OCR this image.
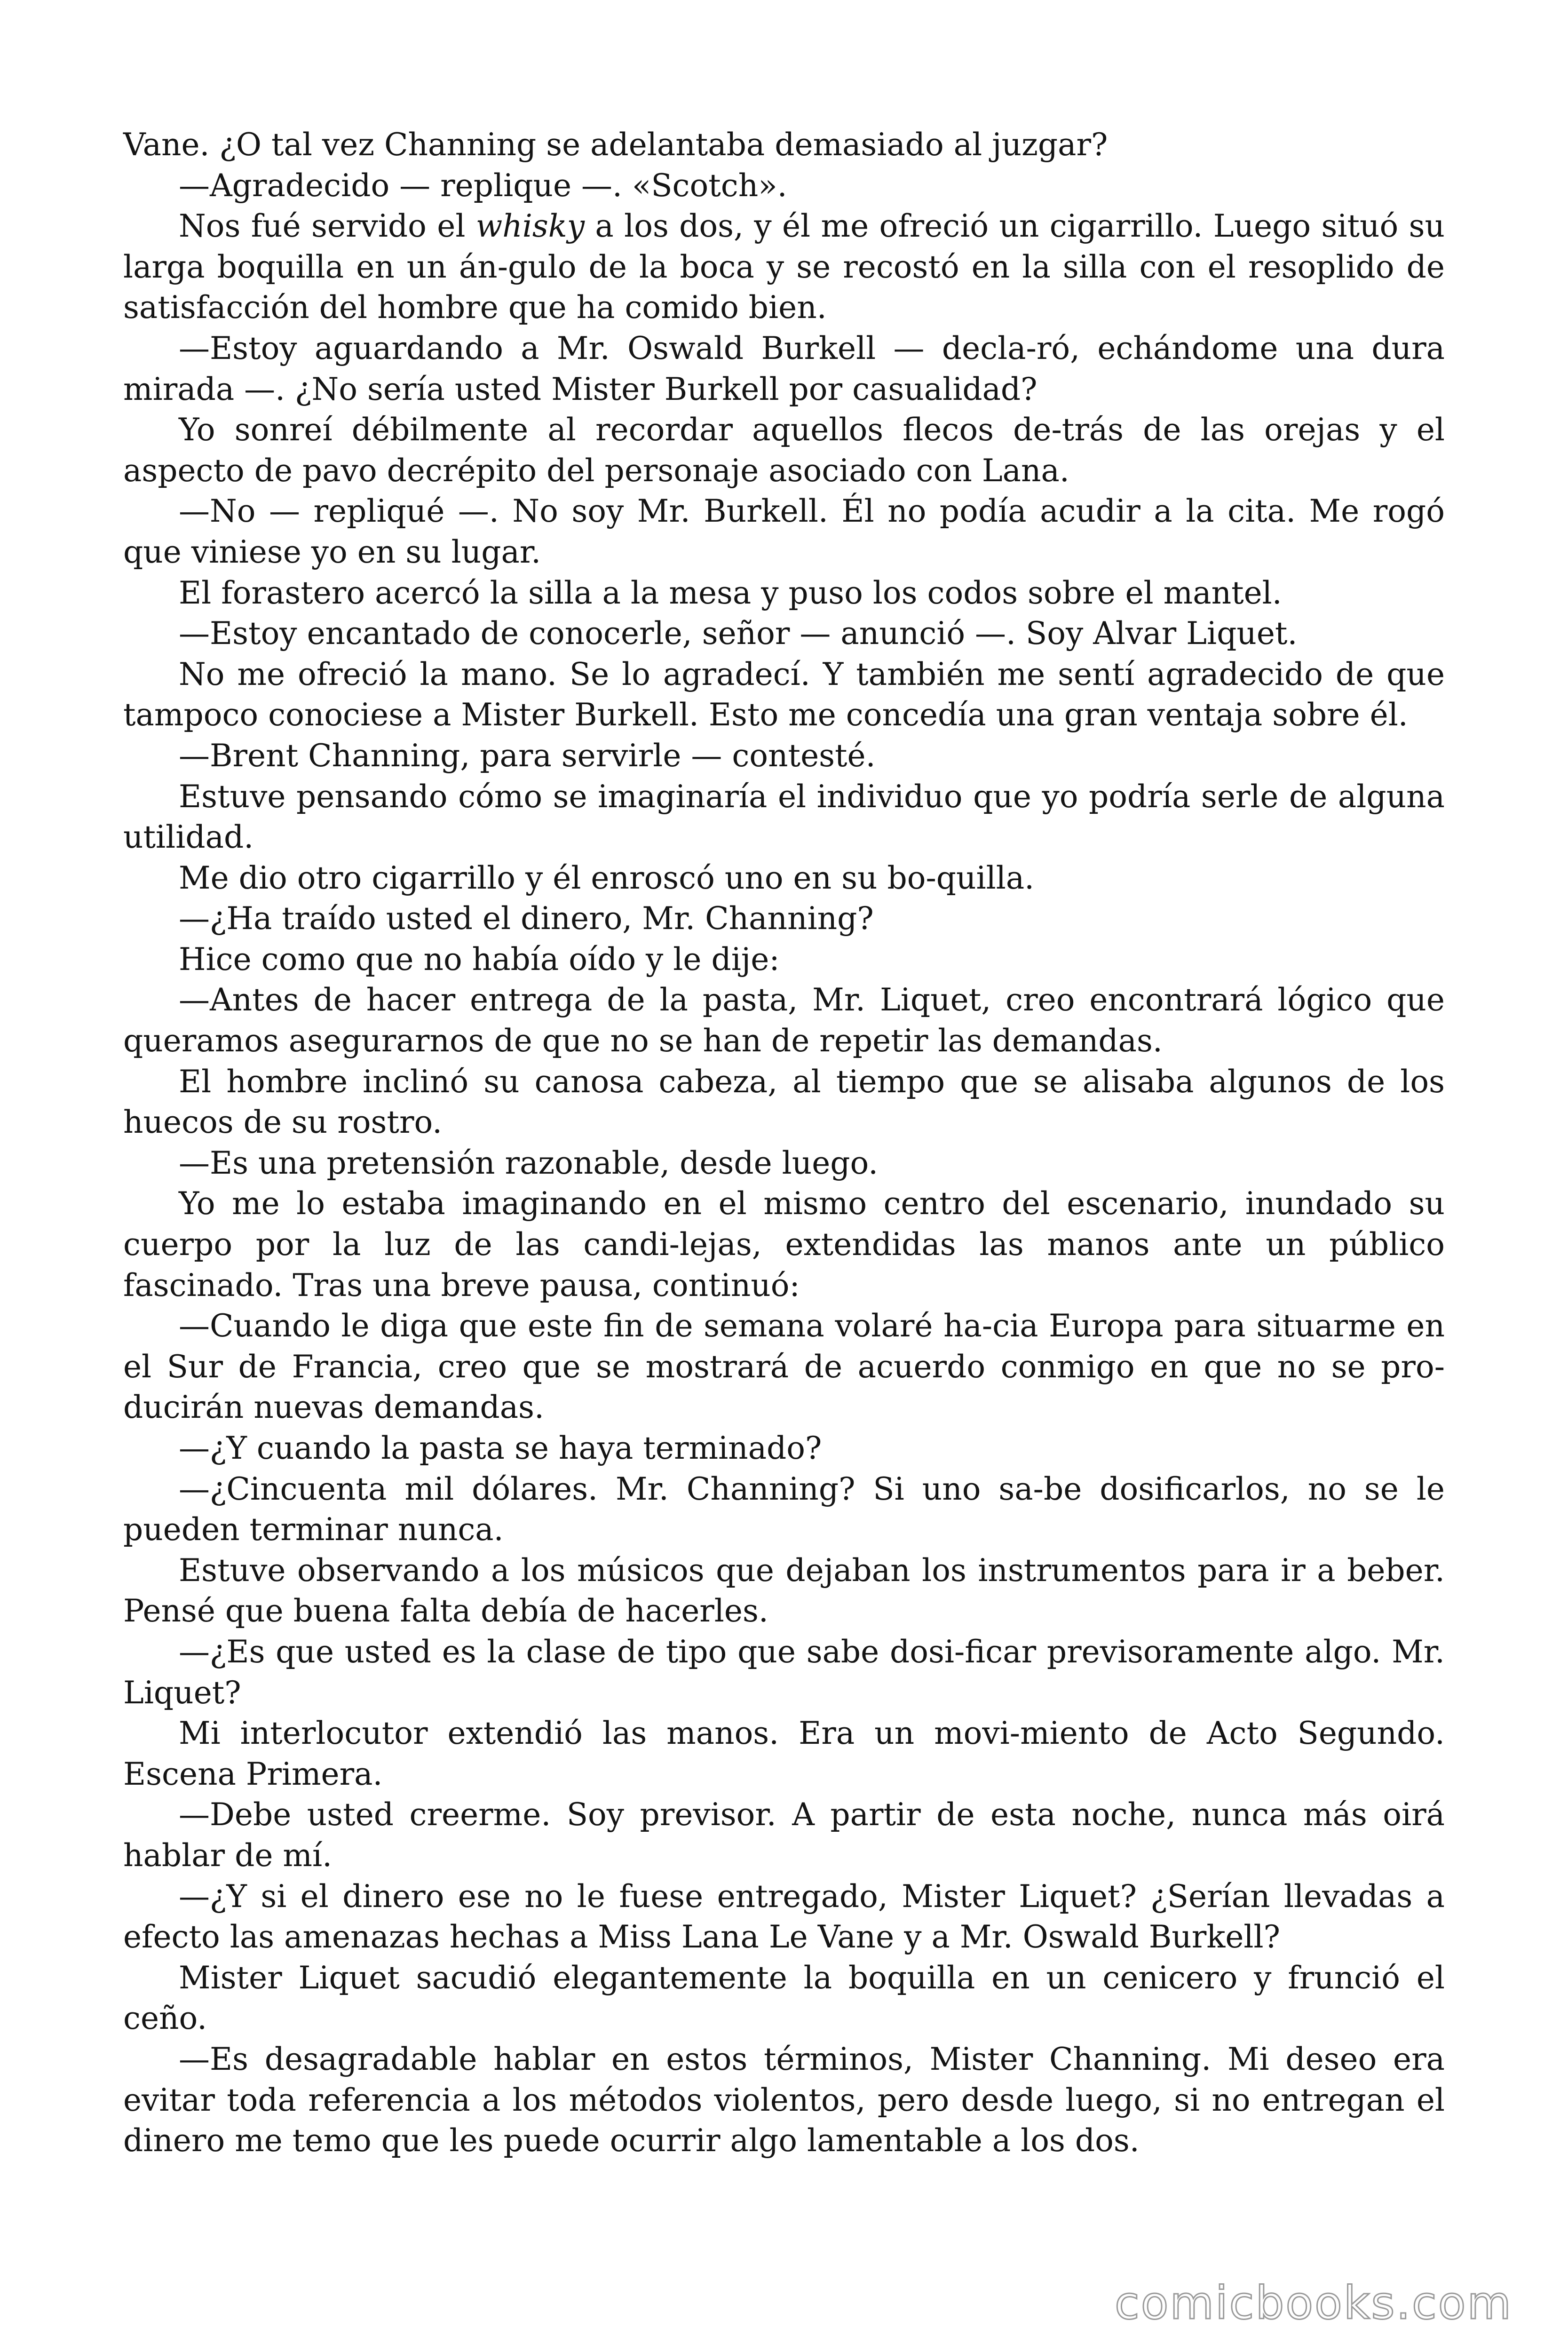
Vane. ¿O tal vez Channing se adelantaba demasiado al juzgar?

—Agradecido — replique —. «Scotch».

Nos fué servido el whisky a los dos, y él me ofreció un cigarrillo. Luego situó su larga boquilla en un án-gulo de la boca y se recostó en la silla con el resoplido de satisfacción del hombre que ha comido bien.

—Estoy aguardando a Mr. Oswald Burkell — decla-ró, echándome una dura mirada —. ¿No sería usted Mister Burkell por casualidad?

Yo sonreí débilmente al recordar aquellos flecos de-trás de las orejas y el aspecto de pavo decrépito del personaje asociado con Lana.

—No — repliqué —. No soy Mr. Burkell. Él no podía acudir a la cita. Me rogó que viniese yo en su lugar.

El forastero acercó la silla a la mesa y puso los codos sobre el mantel.

—Estoy encantado de conocerle, señor — anunció —. Soy Alvar Liquet.

No me ofreció la mano. Se lo agradecí. Y también me sentí agradecido de que tampoco conociese a Mister Burkell. Esto me concedía una gran ventaja sobre él.

—Brent Channing, para servirle — contesté.

Estuve pensando cómo se imaginaría el individuo que yo podría serle de alguna utilidad.

Me dio otro cigarrillo y él enroscó uno en su bo-quilla.

—¿Ha traído usted el dinero, Mr. Channing?

Hice como que no había oído y le dije:

—Antes de hacer entrega de la pasta, Mr. Liquet, creo encontrará lógico que queramos asegurarnos de que no se han de repetir las demandas.

El hombre inclinó su canosa cabeza, al tiempo que se alisaba algunos de los huecos de su rostro.

—Es una pretensión razonable, desde luego.

Yo me lo estaba imaginando en el mismo centro del escenario, inundado su cuerpo por la luz de las candi-lejas, extendidas las manos ante un público fascinado. Tras una breve pausa, continuó:

—Cuando le diga que este fin de semana volaré ha-cia Europa para situarme en el Sur de Francia, creo que se mostrará de acuerdo conmigo en que no se pro-ducirán nuevas demandas.

—¿Y cuando la pasta se haya terminado?

—¿Cincuenta mil dólares. Mr. Channing? Si uno sa-be dosificarlos, no se le pueden terminar nunca.

Estuve observando a los músicos que dejaban los instrumentos para ir a beber. Pensé que buena falta debía de hacerles.

—¿Es que usted es la clase de tipo que sabe dosi-ficar previsoramente algo. Mr. Liquet?

Mi interlocutor extendió las manos. Era un movi-miento de Acto Segundo. Escena Primera.

—Debe usted creerme. Soy previsor. A partir de esta noche, nunca más oirá hablar de mí.

—¿Y si el dinero ese no le fuese entregado, Mister Liquet? ¿Serían llevadas a efecto las amenazas hechas a Miss Lana Le Vane y a Mr. Oswald Burkell?

Mister Liquet sacudió elegantemente la boquilla en un cenicero y frunció el ceño.

—Es desagradable hablar en estos términos, Mister Channing. Mi deseo era evitar toda referencia a los métodos violentos, pero desde luego, si no entregan el dinero me temo que les puede ocurrir algo lamentable a los dos.

comicbooks.com
